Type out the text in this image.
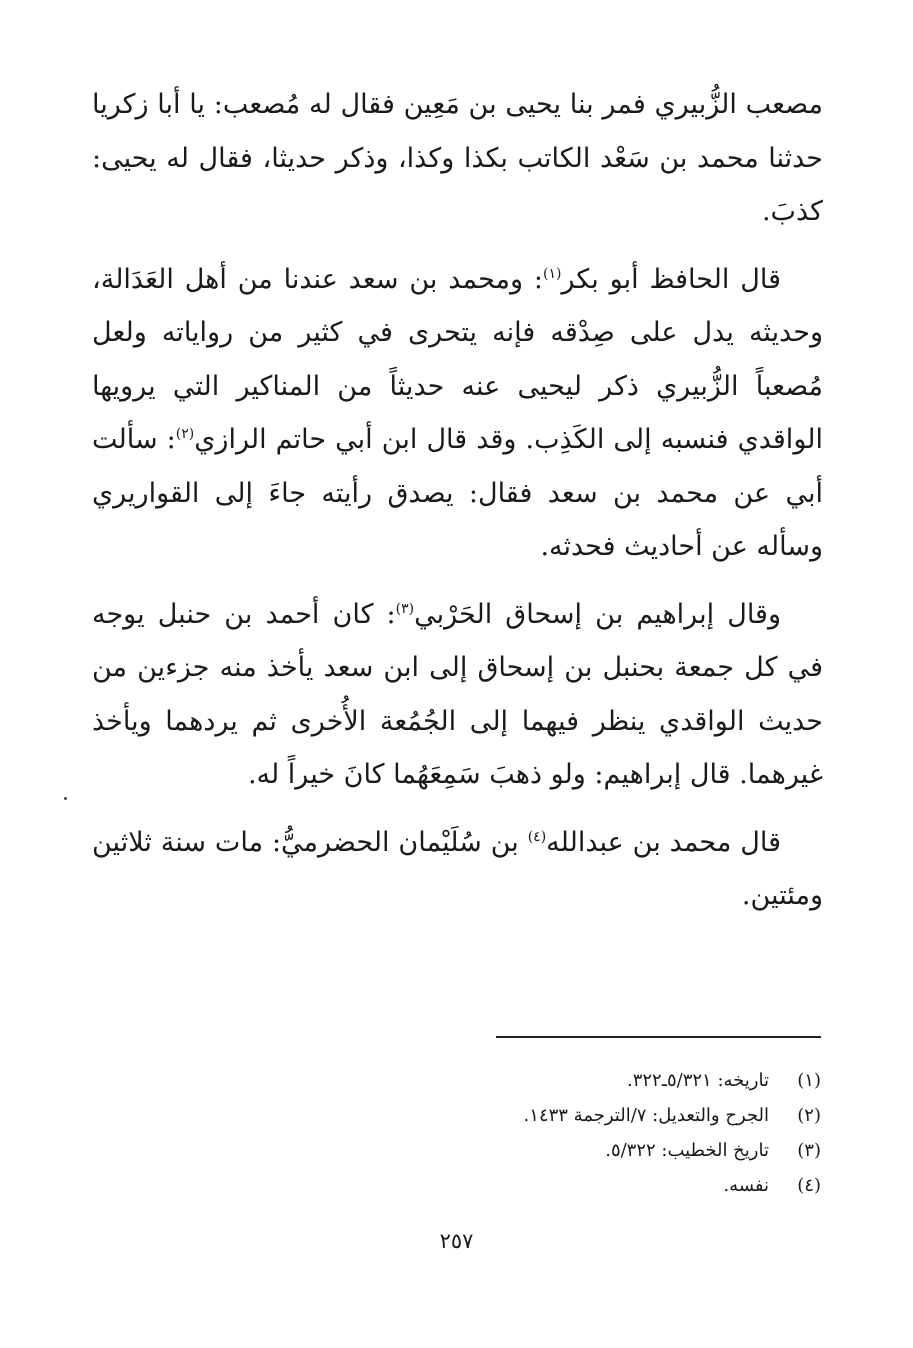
مصعب الزُّبيري فمر بنا يحيى بن مَعِين فقال له مُصعب: يا أبا زكريا حدثنا محمد بن سَعْد الكاتب بكذا وكذا، وذكر حديثا، فقال له يحيى: كذبَ.

قال الحافظ أبو بكر$^{(١)}$: ومحمد بن سعد عندنا من أهل العَدَالة، وحديثه يدل على صِدْقه فإنه يتحرى في كثير من رواياته ولعل مُصعباً الزُّبيري ذكر ليحيى عنه حديثاً من المناكير التي يرويها الواقدي فنسبه إلى الكَذِب. وقد قال ابن أبي حاتم الرازي$^{(٢)}$: سألت أبي عن محمد بن سعد فقال: يصدق رأيته جاءَ إلى القواريري وسأله عن أحاديث فحدثه.

وقال إبراهيم بن إسحاق الحَرْبي$^{(٣)}$: كان أحمد بن حنبل يوجه في كل جمعة بحنبل بن إسحاق إلى ابن سعد يأخذ منه جزءين من حديث الواقدي ينظر فيهما إلى الجُمُعة الأُخرى ثم يردهما ويأخذ غيرهما. قال إبراهيم: ولو ذهبَ سَمِعَهُما كانَ خيراً له.

قال محمد بن عبدالله$^{(٤)}$ بن سُلَيْمان الحضرميُّ: مات سنة ثلاثين ومئتين.

(١)
تاريخه: ٥/٣٢١ـ٣٢٢.
(٢)
الجرح والتعديل: ٧/الترجمة ١٤٣٣.
(٣)
تاريخ الخطيب: ٥/٣٢٢.
(٤)
نفسه.
٢٥٧
